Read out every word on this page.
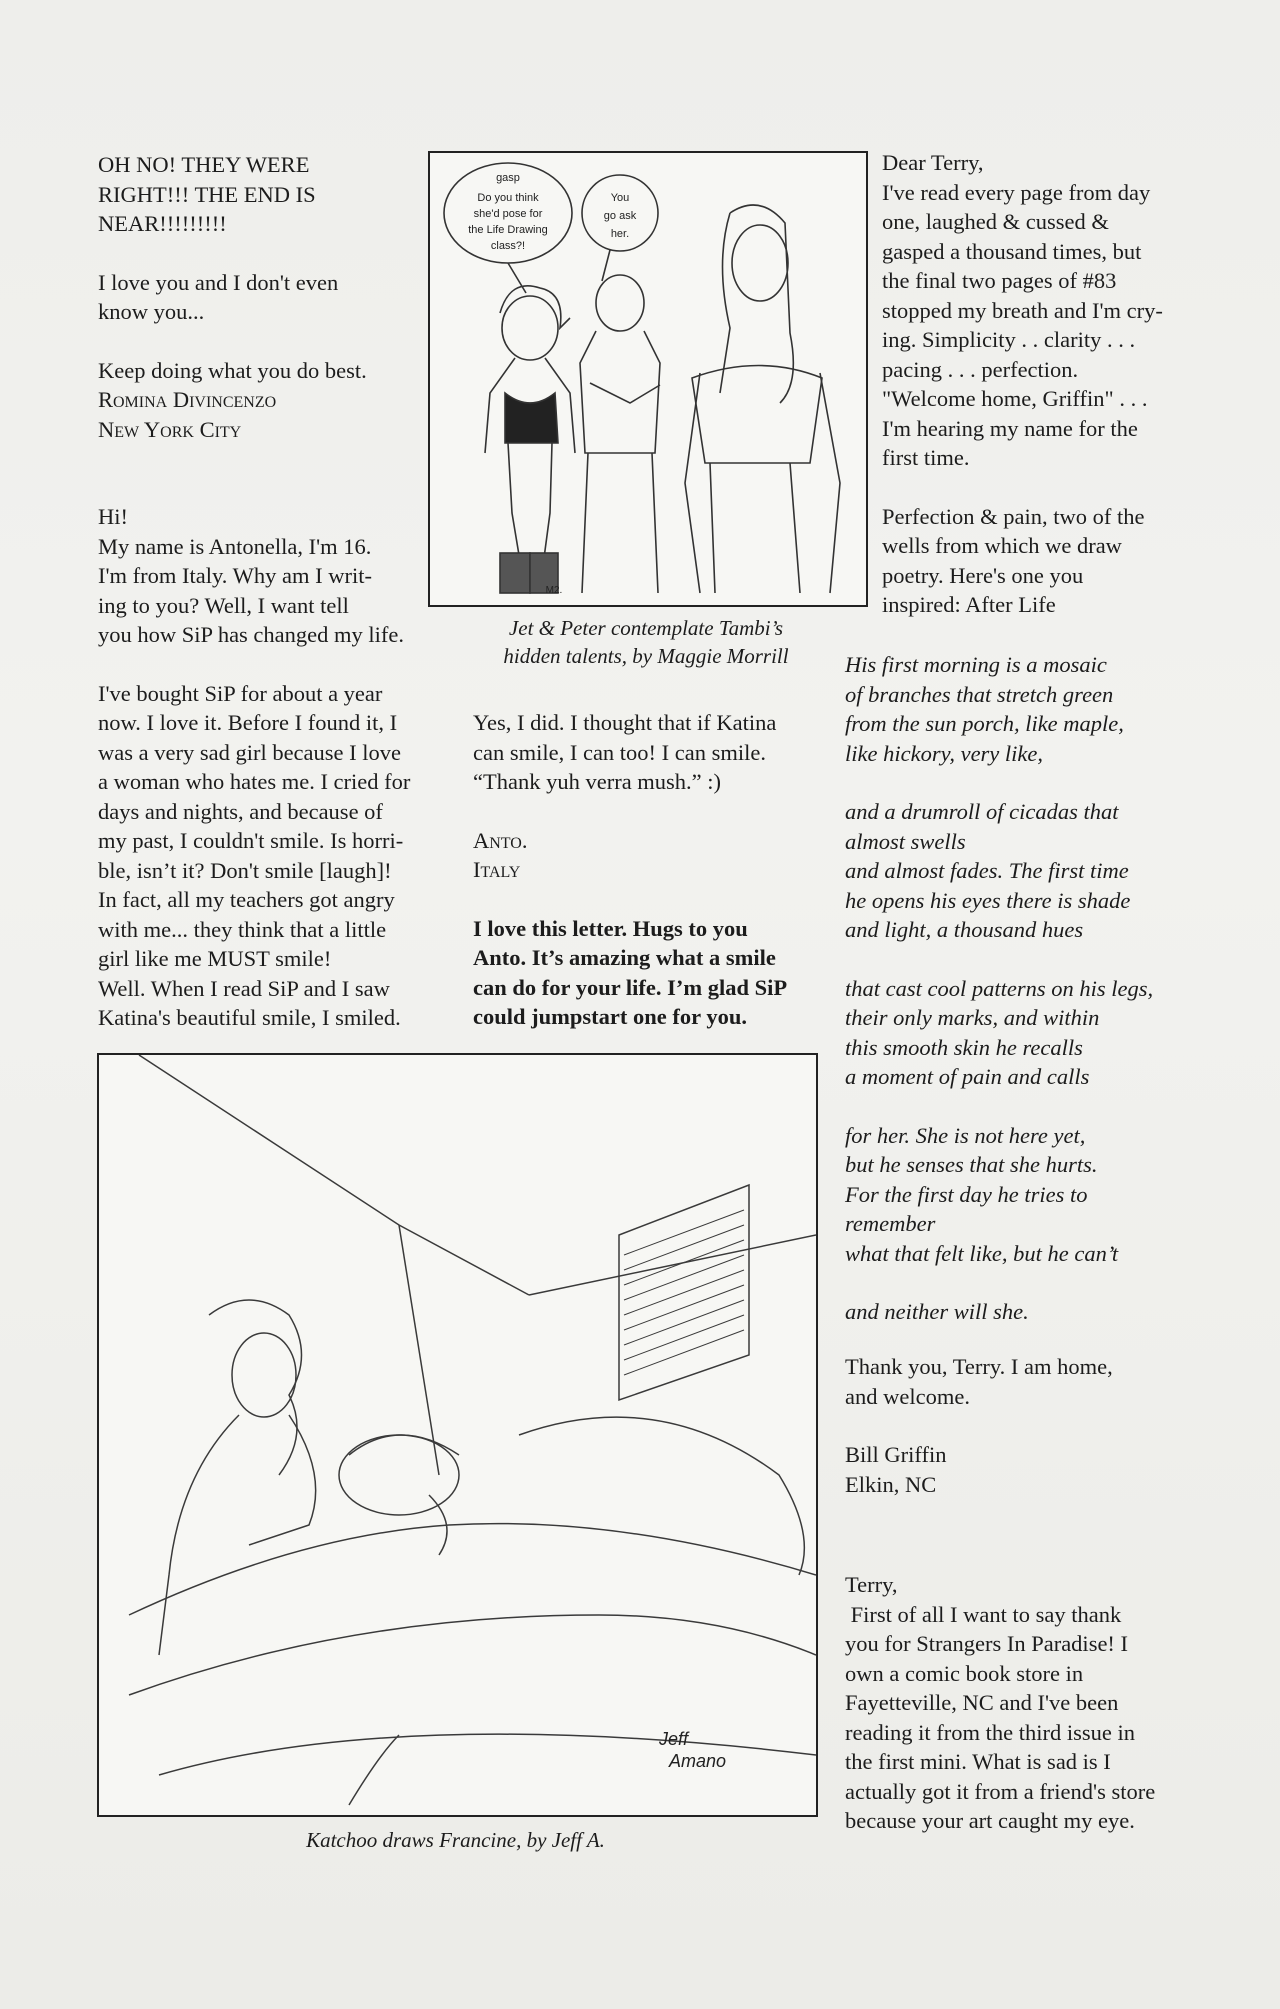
OH NO! THEY WERE

RIGHT!!! THE END IS

NEAR!!!!!!!!!

I love you and I don't even

know you...

Keep doing what you do best.

Romina Divincenzo

New York City

Hi!

My name is Antonella, I'm 16.

I'm from Italy. Why am I writ-

ing to you? Well, I want tell

you how SiP has changed my life.

I've bought SiP for about a year

now. I love it. Before I found it, I

was a very sad girl because I love

a woman who hates me. I cried for

days and nights, and because of

my past, I couldn't smile. Is horri-

ble, isn’t it? Don't smile [laugh]!

In fact, all my teachers got angry

with me... they think that a little

girl like me MUST smile!

Well. When I read SiP and I saw

Katina's beautiful smile, I smiled.

gasp
Do you think
she'd pose for
the Life Drawing
class?!
You
go ask
her.
M2.
Jet & Peter contemplate Tambi’s
hidden talents, by Maggie Morrill

Yes, I did. I thought that if Katina

can smile, I can too! I can smile.

“Thank yuh verra mush.” :)

Anto.

Italy

I love this letter. Hugs to you

Anto. It’s amazing what a smile

can do for your life. I’m glad SiP

could jumpstart one for you.

Jeff
Amano
Katchoo draws Francine, by Jeff A.

Dear Terry,

I've read every page from day

one, laughed & cussed &

gasped a thousand times, but

the final two pages of #83

stopped my breath and I'm cry-

ing. Simplicity . . clarity . . .

pacing . . . perfection.

"Welcome home, Griffin" . . .

I'm hearing my name for the

first time.

Perfection & pain, two of the

wells from which we draw

poetry. Here's one you

inspired: After Life

His first morning is a mosaic

of branches that stretch green

from the sun porch, like maple,

like hickory, very like,

and a drumroll of cicadas that

almost swells

and almost fades. The first time

he opens his eyes there is shade

and light, a thousand hues

that cast cool patterns on his legs,

their only marks, and within

this smooth skin he recalls

a moment of pain and calls

for her. She is not here yet,

but he senses that she hurts.

For the first day he tries to

remember

what that felt like, but he can’t

and neither will she.

Thank you, Terry. I am home,

and welcome.

Bill Griffin

Elkin, NC

Terry,

First of all I want to say thank

you for Strangers In Paradise! I

own a comic book store in

Fayetteville, NC and I've been

reading it from the third issue in

the first mini. What is sad is I

actually got it from a friend's store

because your art caught my eye.
